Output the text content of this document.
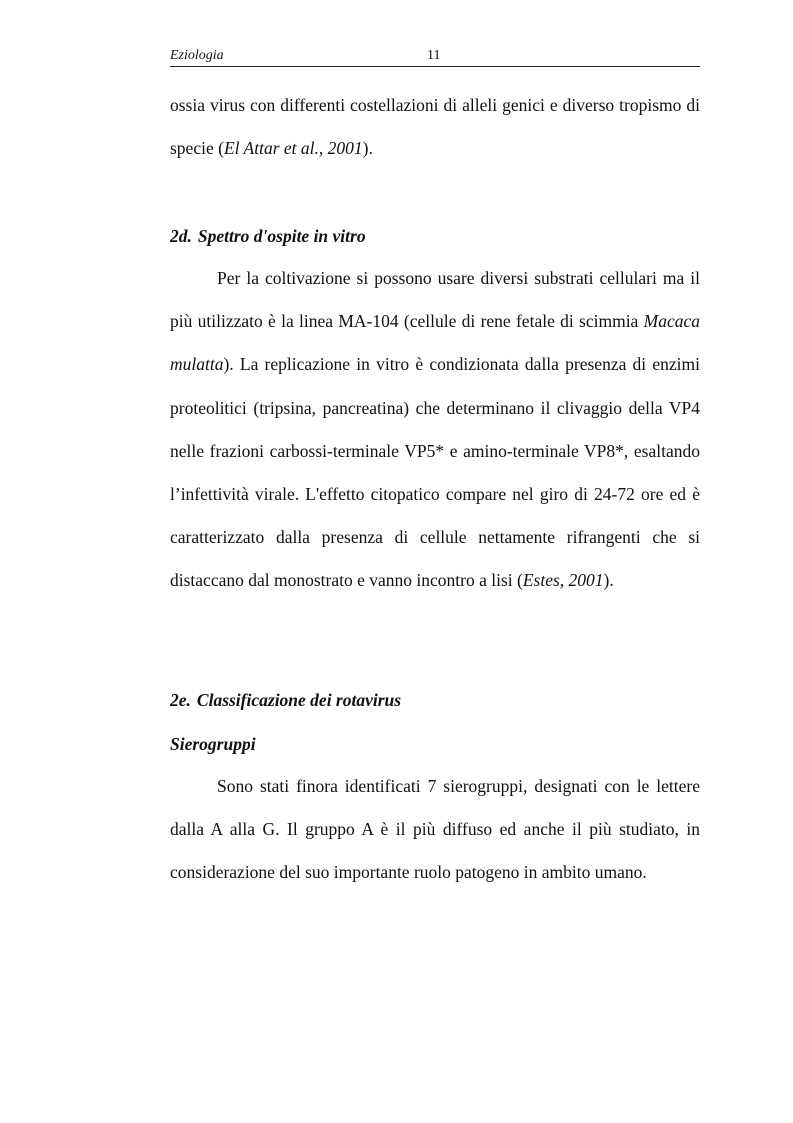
Eziologia	11

ossia virus con differenti costellazioni di alleli genici e diverso tropismo di specie (El Attar et al., 2001).

2d. Spettro d'ospite in vitro

Per la coltivazione si possono usare diversi substrati cellulari ma il più utilizzato è la linea MA-104 (cellule di rene fetale di scimmia Macaca mulatta). La replicazione in vitro è condizionata dalla presenza di enzimi proteolitici (tripsina, pancreatina) che determinano il clivaggio della VP4 nelle frazioni carbossi-terminale VP5* e amino-terminale VP8*, esaltando l’infettività virale. L'effetto citopatico compare nel giro di 24-72 ore ed è caratterizzato dalla presenza di cellule nettamente rifrangenti che si distaccano dal monostrato e vanno incontro a lisi (Estes, 2001).

2e. Classificazione dei rotavirus
Sierogruppi

Sono stati finora identificati 7 sierogruppi, designati con le lettere dalla A alla G. Il gruppo A è il più diffuso ed anche il più studiato, in considerazione del suo importante ruolo patogeno in ambito umano.
